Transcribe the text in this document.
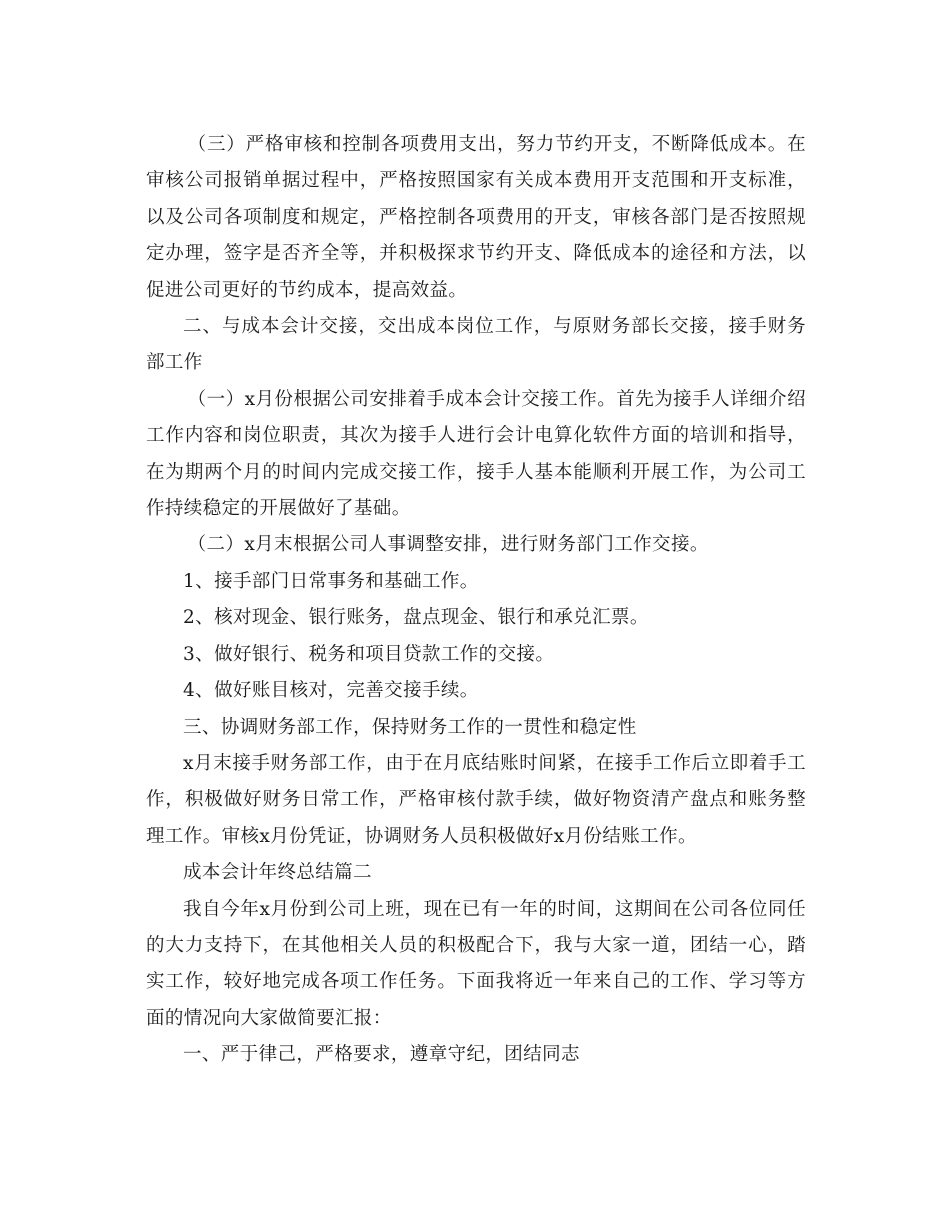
（三）严格审核和控制各项费用支出，努力节约开支，不断降低成本。在审核公司报销单据过程中，严格按照国家有关成本费用开支范围和开支标准，以及公司各项制度和规定，严格控制各项费用的开支，审核各部门是否按照规定办理，签字是否齐全等，并积极探求节约开支、降低成本的途径和方法，以促进公司更好的节约成本，提高效益。

二、与成本会计交接，交出成本岗位工作，与原财务部长交接，接手财务部工作

（一）x月份根据公司安排着手成本会计交接工作。首先为接手人详细介绍工作内容和岗位职责，其次为接手人进行会计电算化软件方面的培训和指导，在为期两个月的时间内完成交接工作，接手人基本能顺利开展工作，为公司工作持续稳定的开展做好了基础。

（二）x月末根据公司人事调整安排，进行财务部门工作交接。

1、接手部门日常事务和基础工作。

2、核对现金、银行账务，盘点现金、银行和承兑汇票。

3、做好银行、税务和项目贷款工作的交接。

4、做好账目核对，完善交接手续。

三、协调财务部工作，保持财务工作的一贯性和稳定性

x月末接手财务部工作，由于在月底结账时间紧，在接手工作后立即着手工作，积极做好财务日常工作，严格审核付款手续，做好物资清产盘点和账务整理工作。审核x月份凭证，协调财务人员积极做好x月份结账工作。

成本会计年终总结篇二

我自今年x月份到公司上班，现在已有一年的时间，这期间在公司各位同任的大力支持下，在其他相关人员的积极配合下，我与大家一道，团结一心，踏实工作，较好地完成各项工作任务。下面我将近一年来自己的工作、学习等方面的情况向大家做简要汇报：

一、严于律己，严格要求，遵章守纪，团结同志
